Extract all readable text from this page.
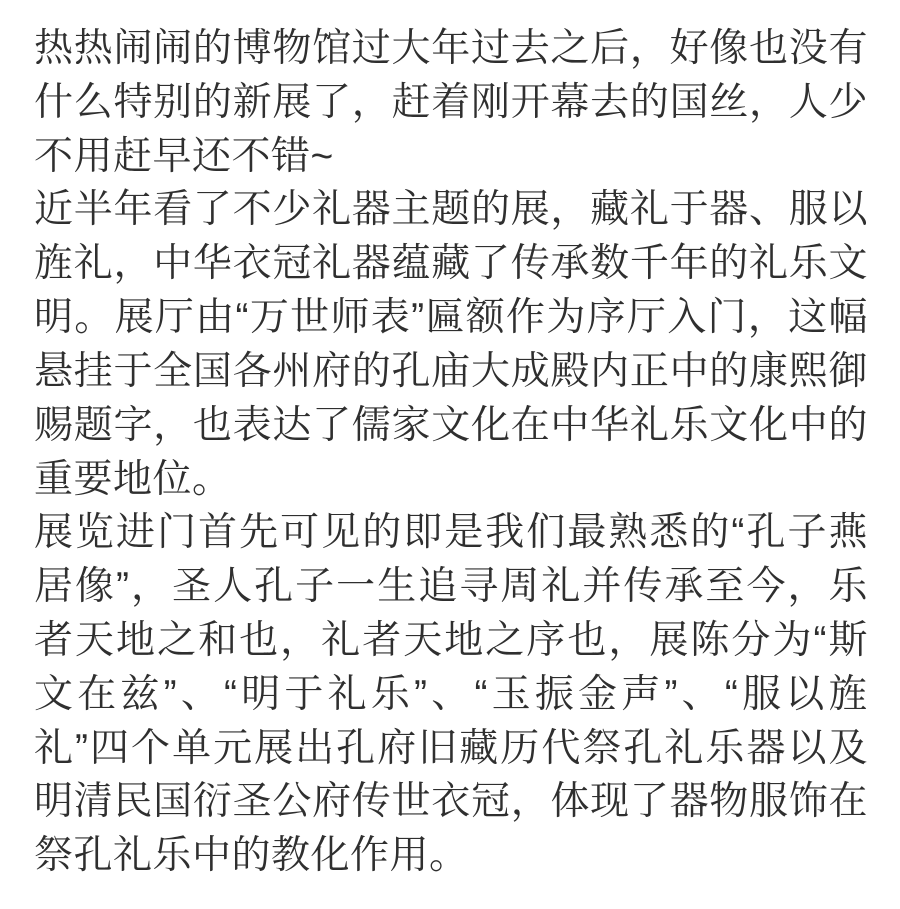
热热闹闹的博物馆过大年过去之后，好像也没有什么特别的新展了，赶着刚开幕去的国丝，人少不用赶早还不错~

近半年看了不少礼器主题的展，藏礼于器、服以旌礼，中华衣冠礼器蕴藏了传承数千年的礼乐文明。展厅由“万世师表”匾额作为序厅入门，这幅悬挂于全国各州府的孔庙大成殿内正中的康熙御赐题字，也表达了儒家文化在中华礼乐文化中的重要地位。

展览进门首先可见的即是我们最熟悉的“孔子燕居像”，圣人孔子一生追寻周礼并传承至今，乐者天地之和也，礼者天地之序也，展陈分为“斯文在兹”、“明于礼乐”、“玉振金声”、“服以旌礼”四个单元展出孔府旧藏历代祭孔礼乐器以及明清民国衍圣公府传世衣冠，体现了器物服饰在祭孔礼乐中的教化作用。
